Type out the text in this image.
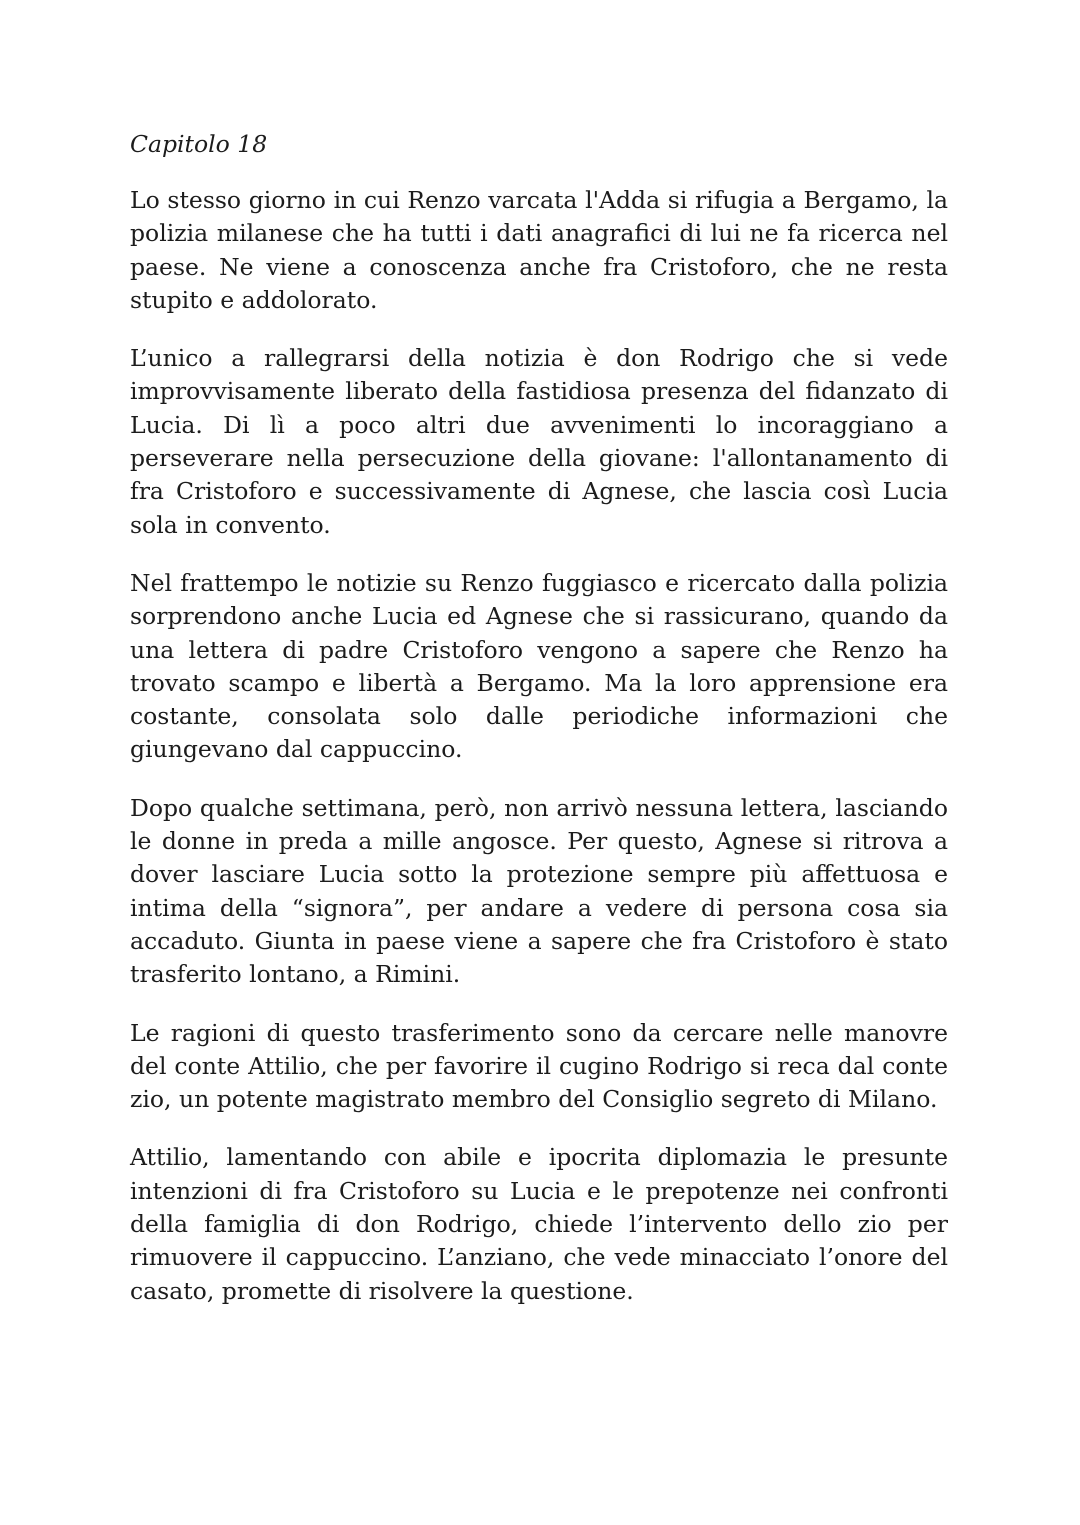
Capitolo 18

Lo stesso giorno in cui Renzo varcata l'Adda si rifugia a Bergamo, la polizia milanese che ha tutti i dati anagrafici di lui ne fa ricerca nel paese. Ne viene a conoscenza anche fra Cristoforo, che ne resta stupito e addolorato.

L’unico a rallegrarsi della notizia è don Rodrigo che si vede improvvisamente liberato della fastidiosa presenza del fidanzato di Lucia. Di lì a poco altri due avvenimenti lo incoraggiano a perseverare nella persecuzione della giovane: l'allontanamento di fra Cristoforo e successivamente di Agnese, che lascia così Lucia sola in convento.

Nel frattempo le notizie su Renzo fuggiasco e ricercato dalla polizia sorprendono anche Lucia ed Agnese che si rassicurano, quando da una lettera di padre Cristoforo vengono a sapere che Renzo ha trovato scampo e libertà a Bergamo. Ma la loro apprensione era costante, consolata solo dalle periodiche informazioni che giungevano dal cappuccino.

Dopo qualche settimana, però, non arrivò nessuna lettera, lasciando le donne in preda a mille angosce. Per questo, Agnese si ritrova a dover lasciare Lucia sotto la protezione sempre più affettuosa e intima della “signora”, per andare a vedere di persona cosa sia accaduto. Giunta in paese viene a sapere che fra Cristoforo è stato trasferito lontano, a Rimini.

Le ragioni di questo trasferimento sono da cercare nelle manovre del conte Attilio, che per favorire il cugino Rodrigo si reca dal conte zio, un potente magistrato membro del Consiglio segreto di Milano.

Attilio, lamentando con abile e ipocrita diplomazia le presunte intenzioni di fra Cristoforo su Lucia e le prepotenze nei confronti della famiglia di don Rodrigo, chiede l’intervento dello zio per rimuovere il cappuccino. L’anziano, che vede minacciato l’onore del casato, promette di risolvere la questione.
